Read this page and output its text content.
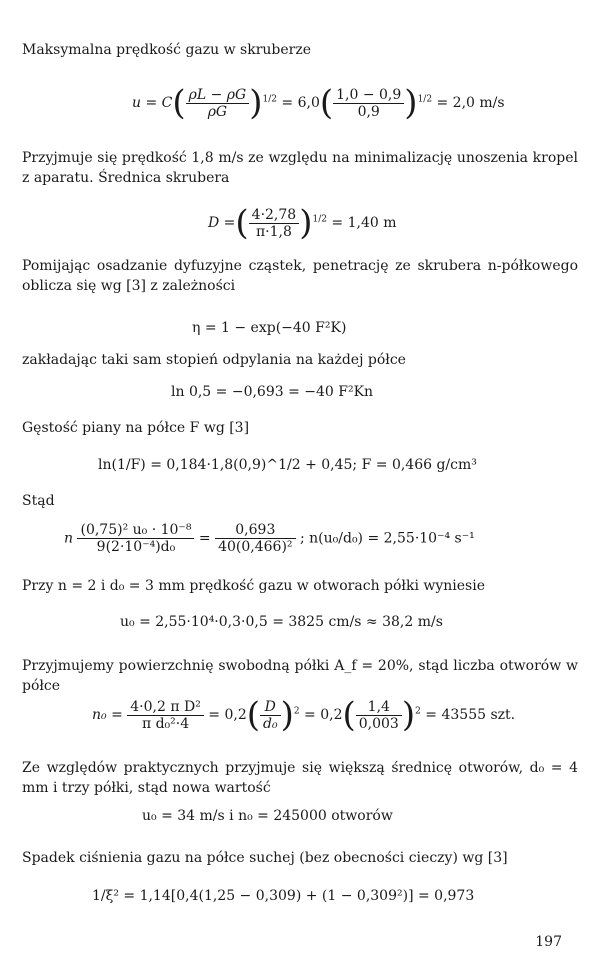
Maksymalna prędkość gazu w skruberze
$u = C( \frac{\rho L - \rho G}{\rho G} )^{1/2} = 6,0( \frac{1,0 - 0,9}{0,9} )^{1/2} = 2,0$ m/s
Przyjmuje się prędkość 1,8 m/s ze względu na minimalizację unoszenia kropel z aparatu. Średnica skrubera
D =( $\frac{4\cdot 2,78}{\pi\cdot 1,8} )^{1/2} = 1,40$ m
Pomijając osadzanie dyfuzyjne cząstek, penetrację ze skrubera n-półkowego oblicza się wg [3] z zależności
η = 1 − exp(−40 F²K)
zakładając taki sam stopień odpylania na każdej półce
ln 0,5 = −0,693 = −40 F²Kn
Gęstość piany na półce F wg [3]
ln(1/F) = 0,184·1,8(0,9)^1/2 + 0,45; F = 0,466 g/cm³
Stąd
n $\frac{\text{(0,75)² u₀ · 10⁻⁸}}{\text{9(2·10⁻⁴)d₀}} = \frac{0,693}{\text{40(0,466)²}}$ ; n(u₀/d₀) = 2,55·10⁻⁴ s⁻¹
Przy n = 2 i d₀ = 3 mm prędkość gazu w otworach półki wyniesie
u₀ = 2,55·10⁴·0,3·0,5 = 3825 cm/s ≈ 38,2 m/s
Przyjmujemy powierzchnię swobodną półki A_f = 20%, stąd liczba otworów w półce
$n_0 = \frac{\text{4·0,2 π D²}}{\text{π d₀²·4}} = 0,2( \frac{D}{\text{d₀}} )^2 = 0,2( \frac{1,4}{0,003} )^2 = 43555$ szt.
Ze względów praktycznych przyjmuje się większą średnicę otworów, d₀ = 4 mm i trzy półki, stąd nowa wartość
u₀ = 34 m/s i n₀ = 245000 otworów
Spadek ciśnienia gazu na półce suchej (bez obecności cieczy) wg [3]
1/ξ² = 1,14[0,4(1,25 − 0,309) + (1 − 0,309²)] = 0,973
197
